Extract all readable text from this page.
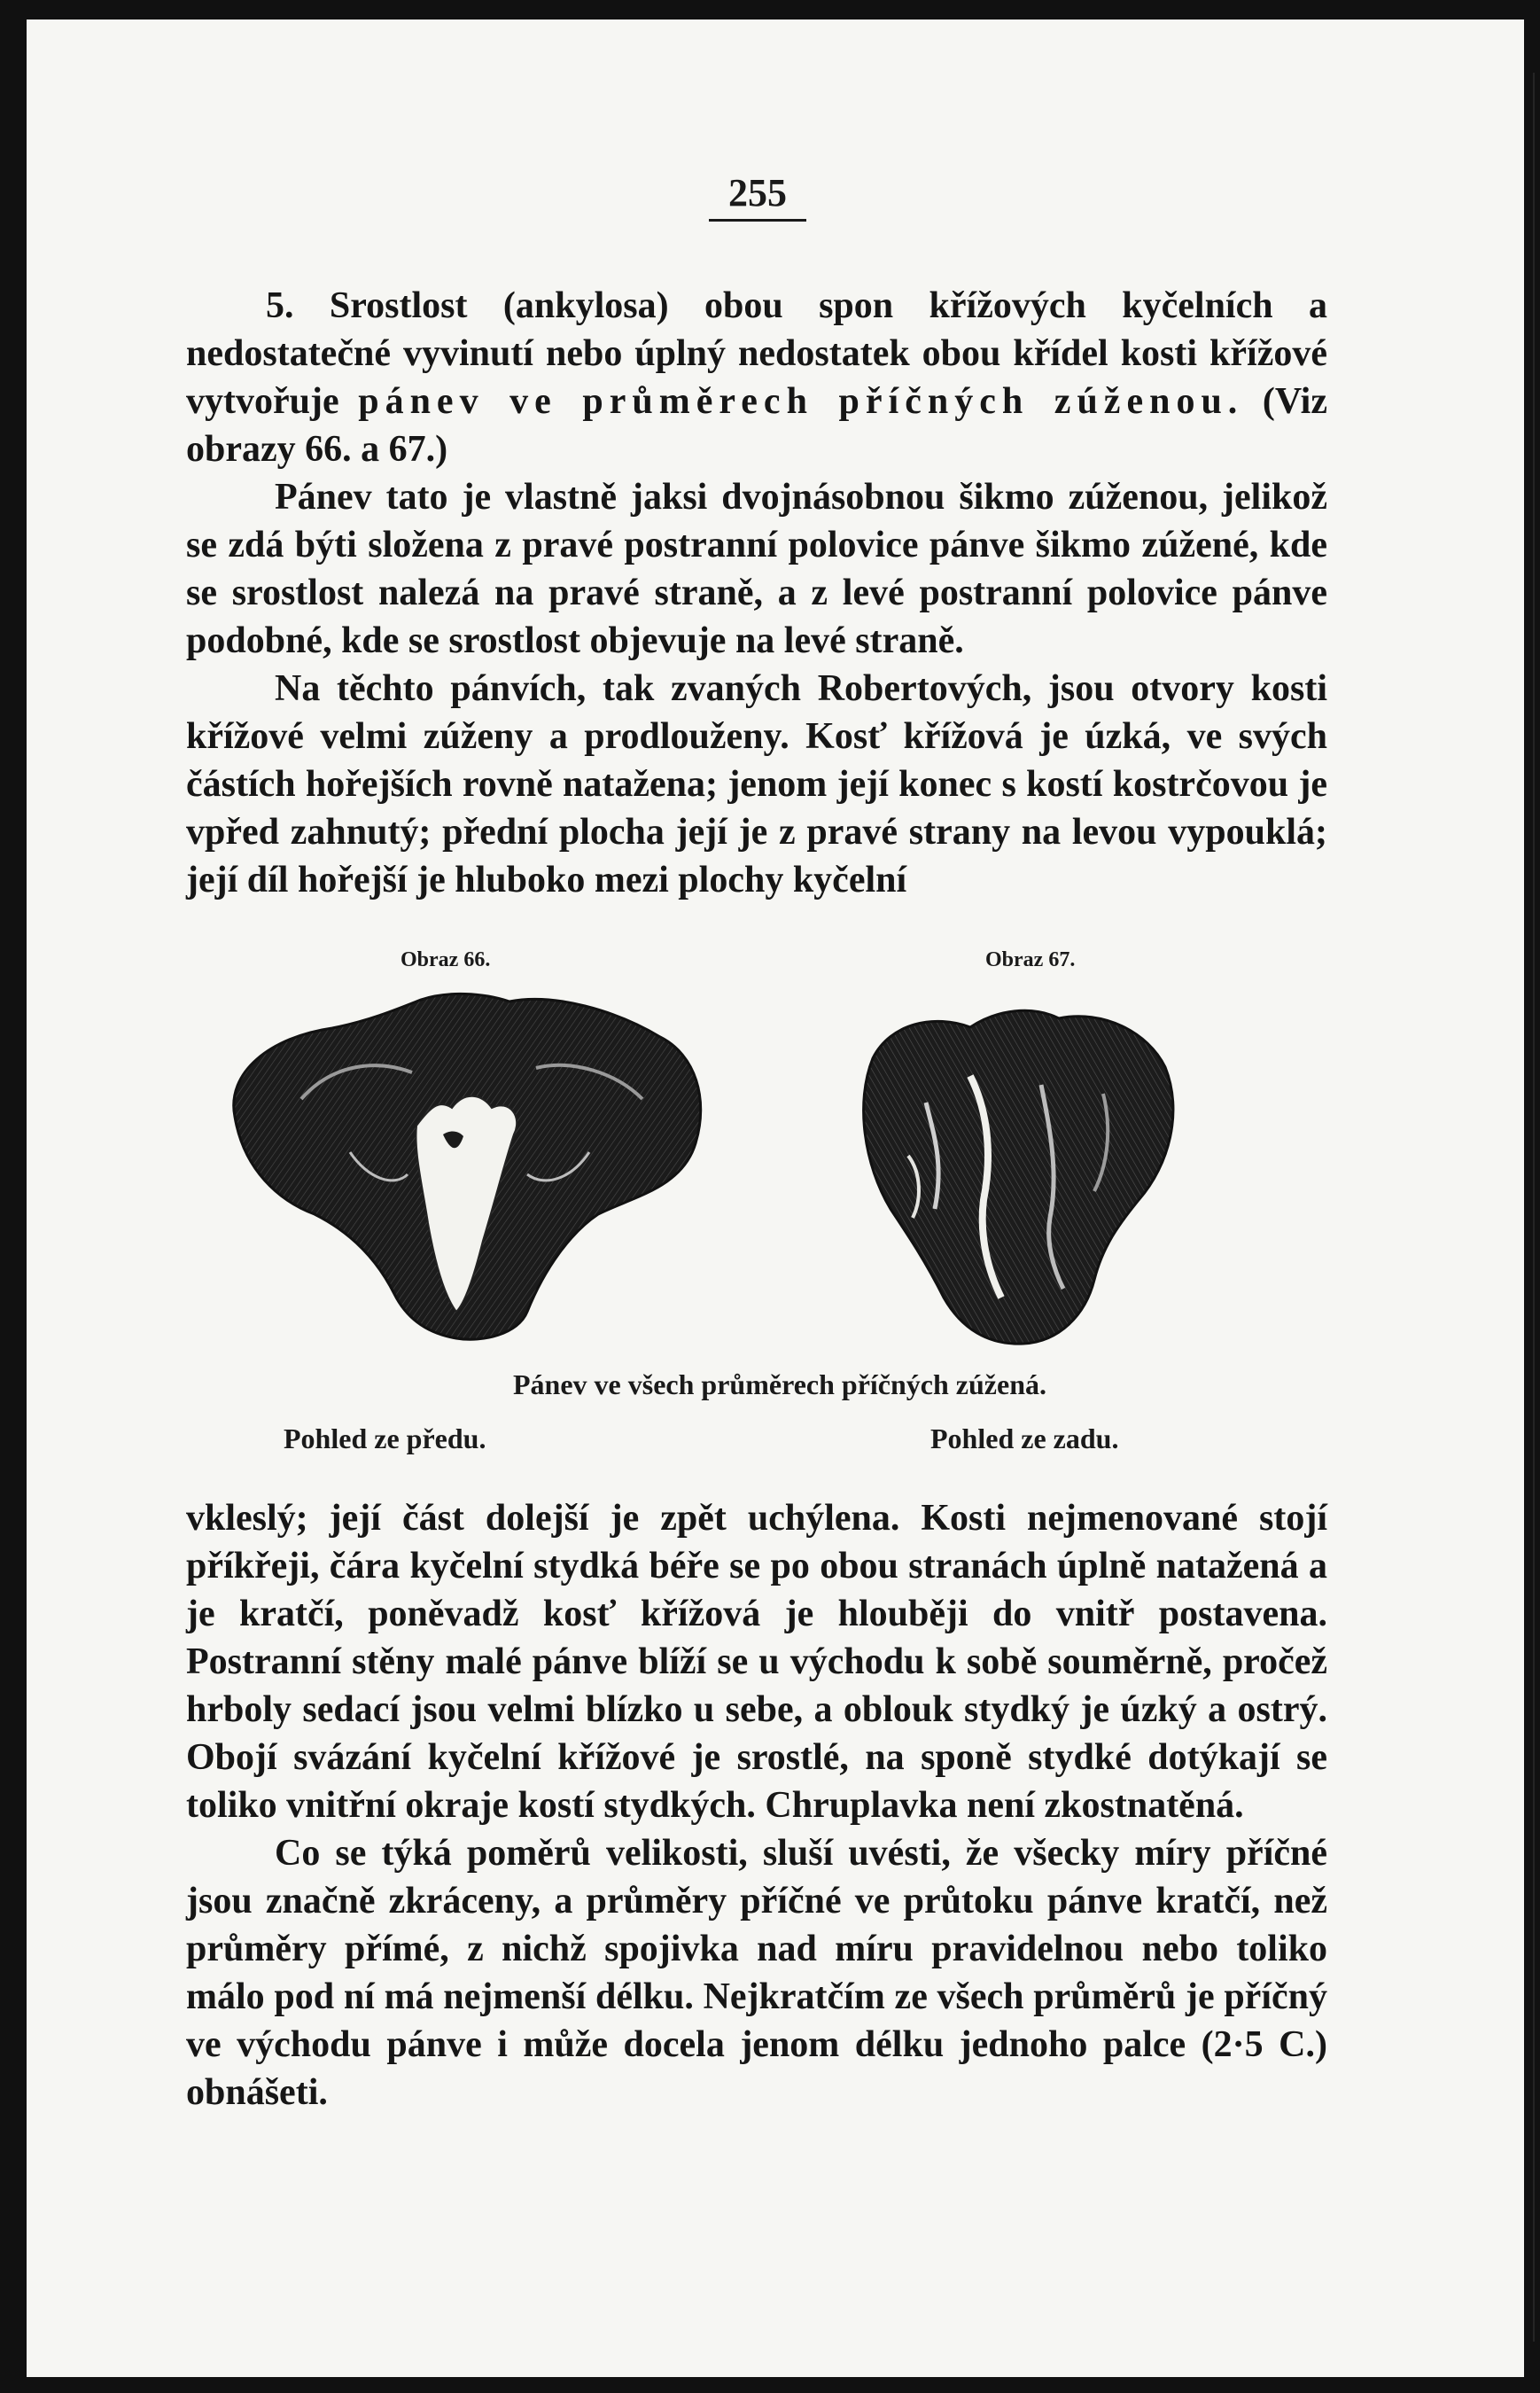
255

5. Srostlost (ankylosa) obou spon křížových kyčelních a nedostatečné vyvinutí nebo úplný nedostatek obou křídel kosti křížové vytvořuje pánev ve průměrech příčných zúženou. (Viz obrazy 66. a 67.)

Pánev tato je vlastně jaksi dvojnásobnou šikmo zúženou, jelikož se zdá býti složena z pravé postranní polovice pánve šikmo zúžené, kde se srostlost nalezá na pravé straně, a z levé postranní polovice pánve podobné, kde se srostlost objevuje na levé straně.

Na těchto pánvích, tak zvaných Robertových, jsou otvory kosti křížové velmi zúženy a prodlouženy. Kosť křížová je úzká, ve svých částích hořejších rovně natažena; jenom její konec s kostí kostrčovou je vpřed zahnutý; přední plocha její je z pravé strany na levou vypouklá; její díl hořejší je hluboko mezi plochy kyčelní

Obraz 66.	Obraz 67.
Pánev ve všech průměrech příčných zúžená.
Pohled ze předu.	Pohled ze zadu.

vkleslý; její část dolejší je zpět uchýlena. Kosti nejmenované stojí příkřeji, čára kyčelní stydká béře se po obou stranách úplně natažená a je kratčí, poněvadž kosť křížová je hlouběji do vnitř postavena. Postranní stěny malé pánve blíží se u východu k sobě souměrně, pročež hrboly sedací jsou velmi blízko u sebe, a oblouk stydký je úzký a ostrý. Obojí svázání kyčelní křížové je srostlé, na sponě stydké dotýkají se toliko vnitřní okraje kostí stydkých. Chruplavka není zkostnatěná.

Co se týká poměrů velikosti, sluší uvésti, že všecky míry příčné jsou značně zkráceny, a průměry příčné ve průtoku pánve kratčí, než průměry přímé, z nichž spojivka nad míru pravidelnou nebo toliko málo pod ní má nejmenší délku. Nejkratčím ze všech průměrů je příčný ve východu pánve i může docela jenom délku jednoho palce (2·5 C.) obnášeti.
